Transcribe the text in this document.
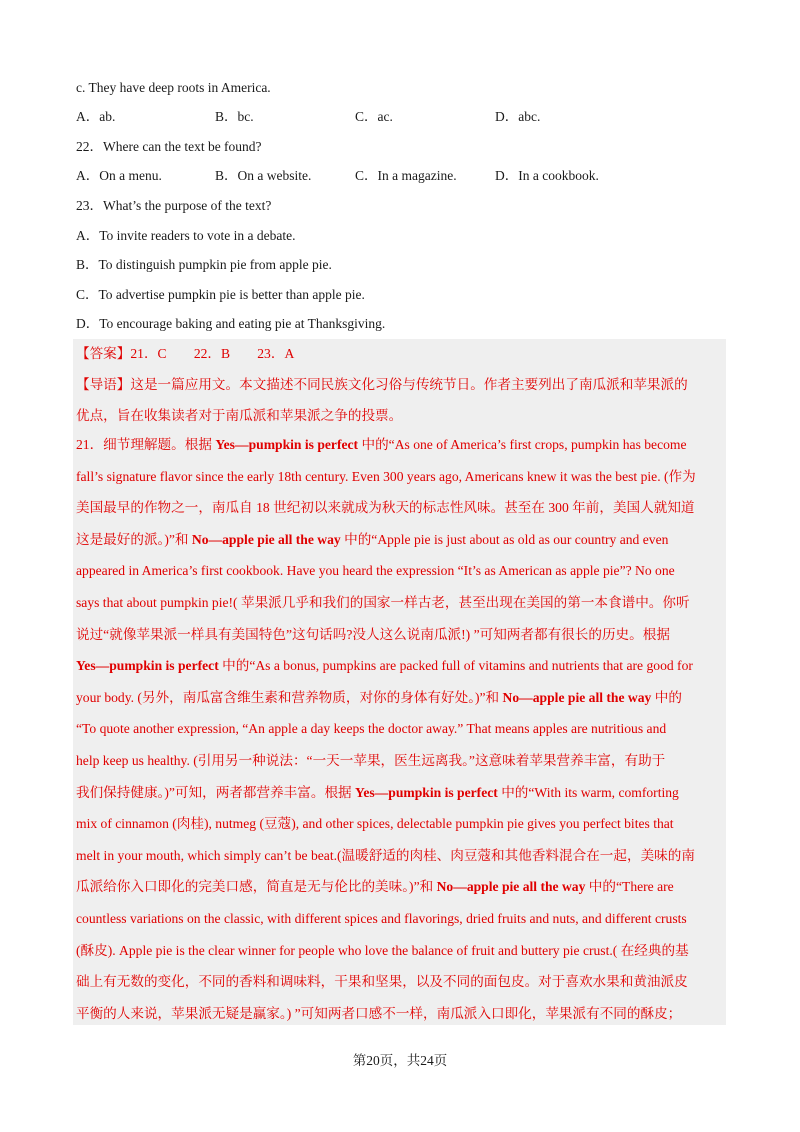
c. They have deep roots in America.
A．ab.	B．bc.	C．ac.	D．abc.
22．Where can the text be found?
A．On a menu.	B．On a website.	C．In a magazine.	D．In a cookbook.
23．What’s the purpose of the text?
A．To invite readers to vote in a debate.
B．To distinguish pumpkin pie from apple pie.
C．To advertise pumpkin pie is better than apple pie.
D．To encourage baking and eating pie at Thanksgiving.
【答案】21．C　　22．B　　23．A
【导语】这是一篇应用文。本文描述不同民族文化习俗与传统节日。作者主要列出了南瓜派和苹果派的
优点，旨在收集读者对于南瓜派和苹果派之争的投票。
21．细节理解题。根据 Yes—pumpkin is perfect 中的“As one of America’s first crops, pumpkin has become
fall’s signature flavor since the early 18th century. Even 300 years ago, Americans knew it was the best pie. (作为
美国最早的作物之一，南瓜自 18 世纪初以来就成为秋天的标志性风味。甚至在 300 年前，美国人就知道
这是最好的派。)”和 No—apple pie all the way 中的“Apple pie is just about as old as our country and even
appeared in America’s first cookbook. Have you heard the expression “It’s as American as apple pie”? No one
says that about pumpkin pie!( 苹果派几乎和我们的国家一样古老，甚至出现在美国的第一本食谱中。你听
说过“就像苹果派一样具有美国特色”这句话吗?没人这么说南瓜派!) ”可知两者都有很长的历史。根据
Yes—pumpkin is perfect 中的“As a bonus, pumpkins are packed full of vitamins and nutrients that are good for
your body. (另外，南瓜富含维生素和营养物质，对你的身体有好处。)”和 No—apple pie all the way 中的
“To quote another expression, “An apple a day keeps the doctor away.” That means apples are nutritious and
help keep us healthy. (引用另一种说法：“一天一苹果，医生远离我。”这意味着苹果营养丰富，有助于
我们保持健康。)”可知，两者都营养丰富。根据 Yes—pumpkin is perfect 中的“With its warm, comforting
mix of cinnamon (肉桂), nutmeg (豆蔻), and other spices, delectable pumpkin pie gives you perfect bites that
melt in your mouth, which simply can’t be beat.(温暖舒适的肉桂、肉豆蔻和其他香料混合在一起，美味的南
瓜派给你入口即化的完美口感，简直是无与伦比的美味。)”和 No—apple pie all the way 中的“There are
countless variations on the classic, with different spices and flavorings, dried fruits and nuts, and different crusts
(酥皮). Apple pie is the clear winner for people who love the balance of fruit and buttery pie crust.( 在经典的基
础上有无数的变化，不同的香料和调味料，干果和坚果，以及不同的面包皮。对于喜欢水果和黄油派皮
平衡的人来说，苹果派无疑是赢家。) ”可知两者口感不一样，南瓜派入口即化，苹果派有不同的酥皮；
第20页，共24页
